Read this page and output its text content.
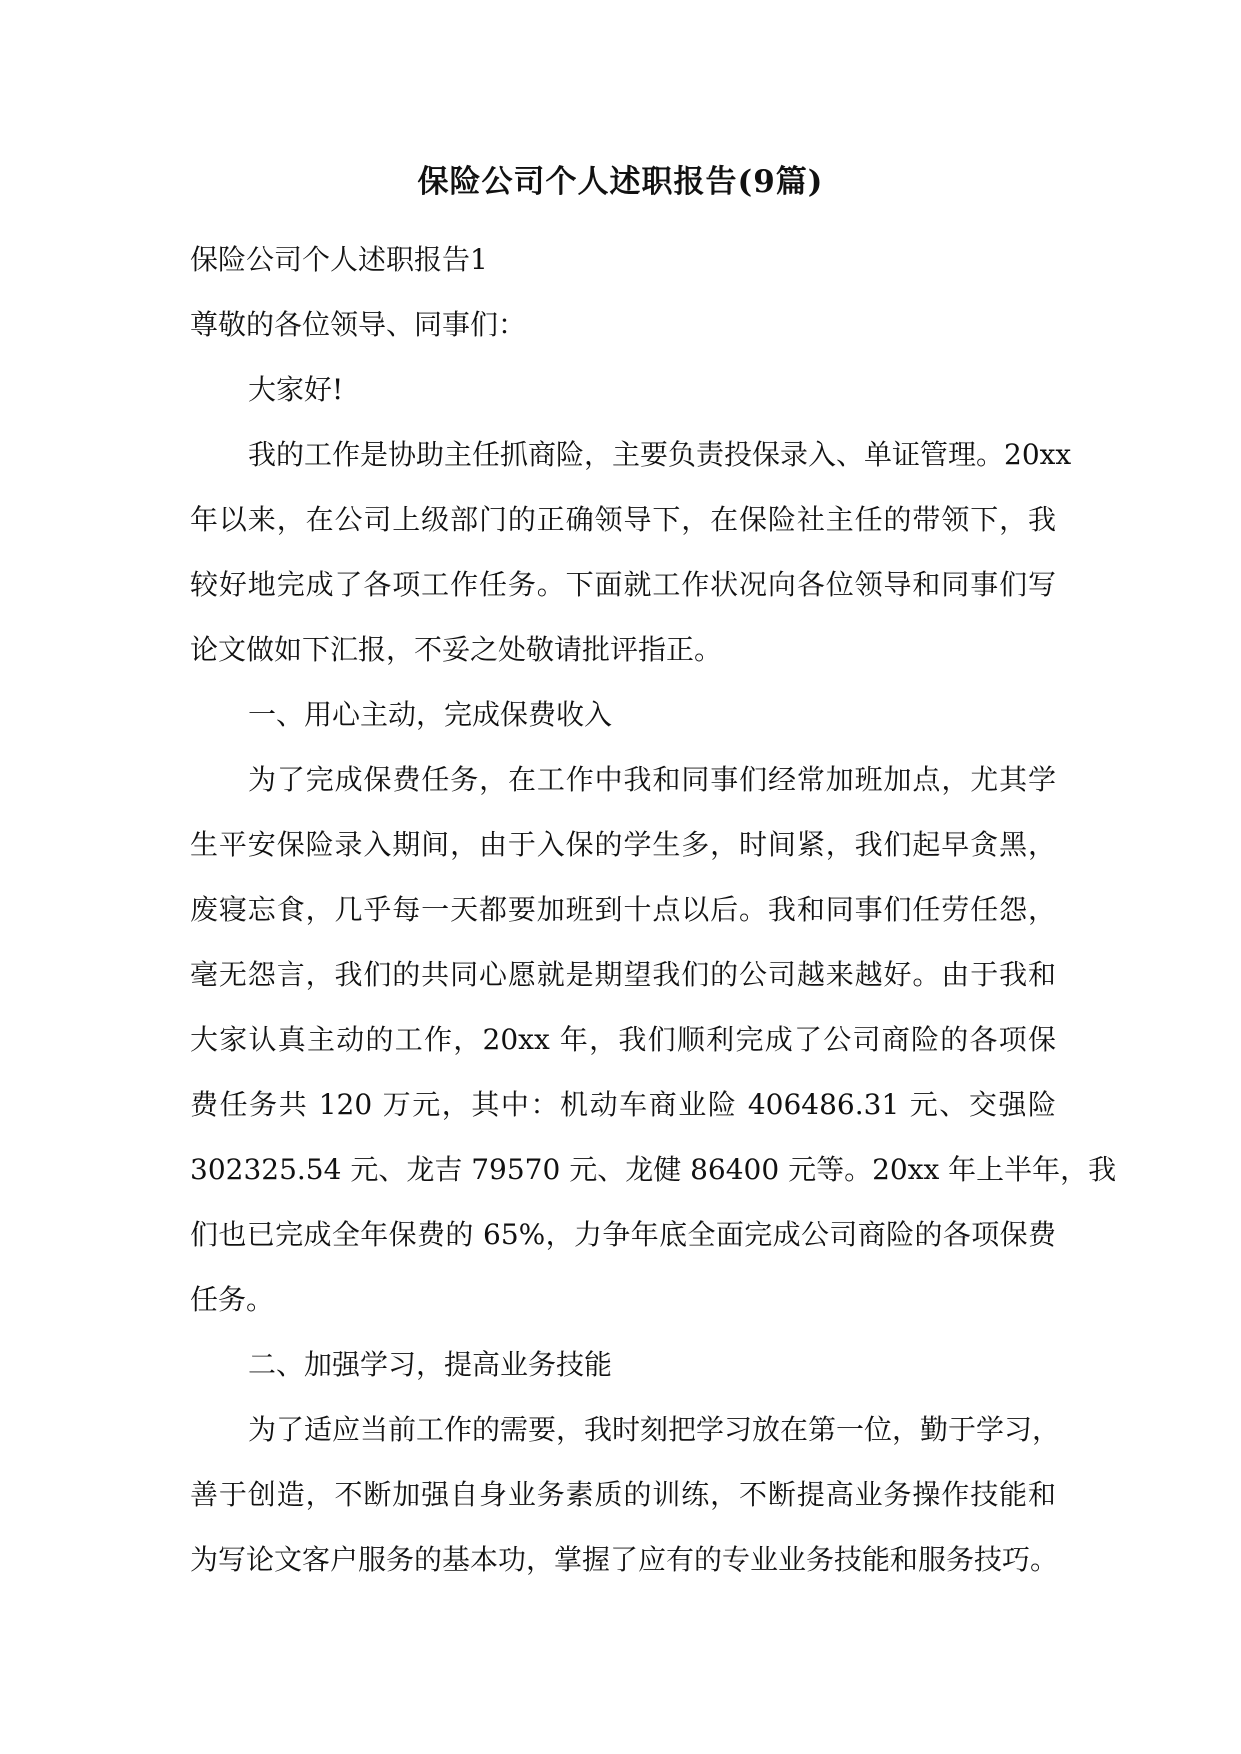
保险公司个人述职报告(9篇)
保险公司个人述职报告1
尊敬的各位领导、同事们：
大家好!
我的工作是协助主任抓商险，主要负责投保录入、单证管理。20xx
年以来，在公司上级部门的正确领导下，在保险社主任的带领下，我
较好地完成了各项工作任务。下面就工作状况向各位领导和同事们写
论文做如下汇报，不妥之处敬请批评指正。
一、用心主动，完成保费收入
为了完成保费任务，在工作中我和同事们经常加班加点，尤其学
生平安保险录入期间，由于入保的学生多，时间紧，我们起早贪黑，
废寝忘食，几乎每一天都要加班到十点以后。我和同事们任劳任怨，
毫无怨言，我们的共同心愿就是期望我们的公司越来越好。由于我和
大家认真主动的工作，20xx 年，我们顺利完成了公司商险的各项保
费任务共 120 万元，其中：机动车商业险 406486.31 元、交强险
302325.54 元、龙吉 79570 元、龙健 86400 元等。20xx 年上半年，我
们也已完成全年保费的 65%，力争年底全面完成公司商险的各项保费
任务。
二、加强学习，提高业务技能
为了适应当前工作的需要，我时刻把学习放在第一位，勤于学习，
善于创造，不断加强自身业务素质的训练，不断提高业务操作技能和
为写论文客户服务的基本功，掌握了应有的专业业务技能和服务技巧。
